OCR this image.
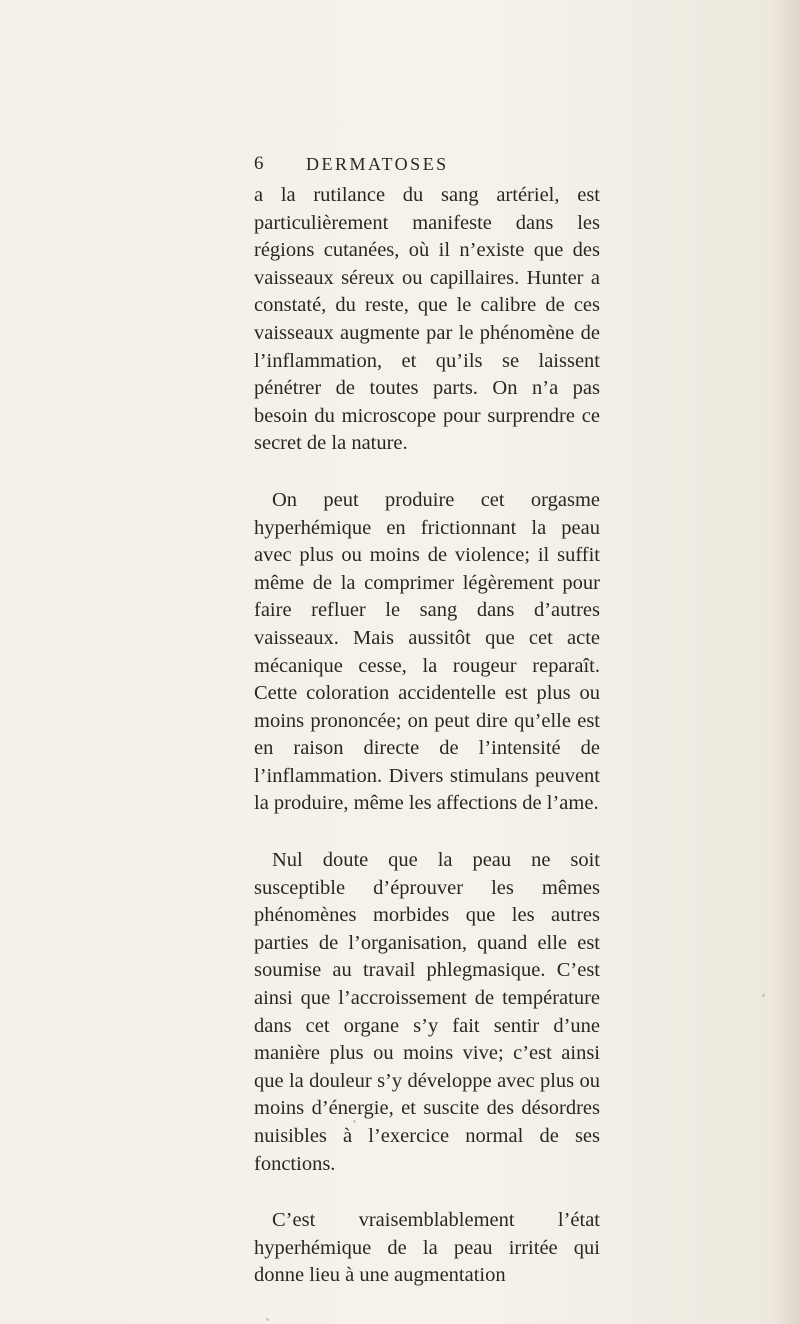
6 DERMATOSES

a la rutilance du sang artériel, est particulièrement manifeste dans les régions cutanées, où il n’existe que des vaisseaux séreux ou capillaires. Hunter a constaté, du reste, que le calibre de ces vaisseaux augmente par le phénomène de l’inflammation, et qu’ils se laissent pénétrer de toutes parts. On n’a pas besoin du microscope pour surprendre ce secret de la nature.

On peut produire cet orgasme hyperhémique en frictionnant la peau avec plus ou moins de violence; il suffit même de la comprimer légèrement pour faire refluer le sang dans d’autres vaisseaux. Mais aussitôt que cet acte mécanique cesse, la rougeur reparaît. Cette coloration accidentelle est plus ou moins prononcée; on peut dire qu’elle est en raison directe de l’intensité de l’inflammation. Divers stimulans peuvent la produire, même les affections de l’ame.

Nul doute que la peau ne soit susceptible d’éprouver les mêmes phénomènes morbides que les autres parties de l’organisation, quand elle est soumise au travail phlegmasique. C’est ainsi que l’accroissement de température dans cet organe s’y fait sentir d’une manière plus ou moins vive; c’est ainsi que la douleur s’y développe avec plus ou moins d’énergie, et suscite des désordres nuisibles à l’exercice normal de ses fonctions.

C’est vraisemblablement l’état hyperhémique de la peau irritée qui donne lieu à une augmentation
